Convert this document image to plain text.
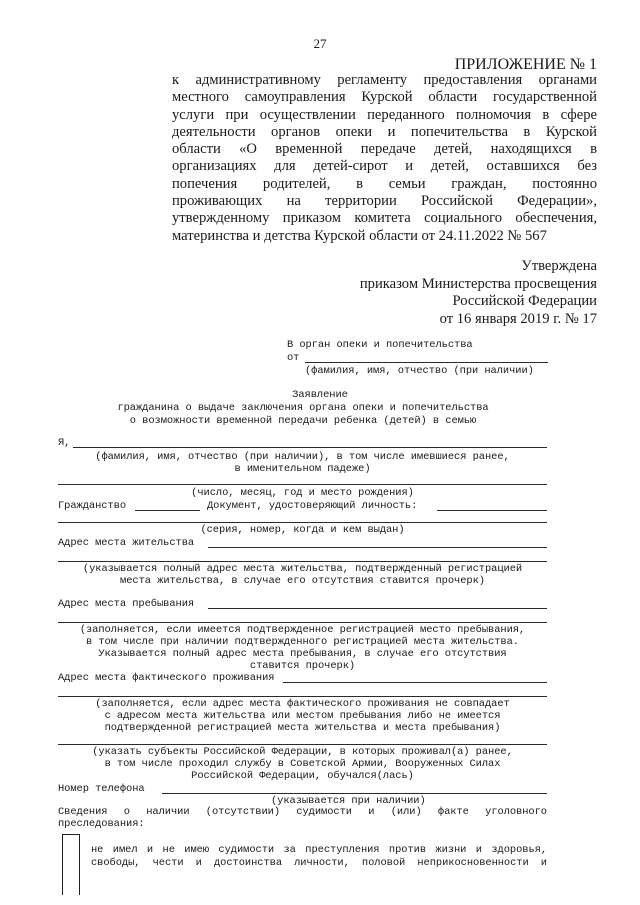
27
ПРИЛОЖЕНИЕ № 1
к административному регламенту предоставления органами
местного самоуправления Курской области государственной
услуги при осуществлении переданного полномочия в сфере
деятельности органов опеки и попечительства в Курской
области «О временной передаче детей, находящихся в
организациях для детей-сирот и детей, оставшихся без
попечения родителей, в семьи граждан, постоянно
проживающих на территории Российской Федерации»,
утвержденному приказом комитета социального обеспечения,
материнства и детства Курской области от 24.11.2022 № 567
Утверждена
приказом Министерства просвещения
Российской Федерации
от 16 января 2019 г. № 17
В орган опеки и попечительства
от
(фамилия, имя, отчество (при наличии)
Заявление
гражданина о выдаче заключения органа опеки и попечительства
о возможности временной передачи ребенка (детей) в семью
Я,
(фамилия, имя, отчество (при наличии), в том числе имевшиеся ранее,
в именительном падеже)
(число, месяц, год и место рождения)
Гражданство	Документ, удостоверяющий личность:
(серия, номер, когда и кем выдан)
Адрес места жительства
(указывается полный адрес места жительства, подтвержденный регистрацией
места жительства, в случае его отсутствия ставится прочерк)
Адрес места пребывания
(заполняется, если имеется подтвержденное регистрацией место пребывания,
в том числе при наличии подтвержденного регистрацией места жительства.
Указывается полный адрес места пребывания, в случае его отсутствия
ставится прочерк)
Адрес места фактического проживания
(заполняется, если адрес места фактического проживания не совпадает
с адресом места жительства или местом пребывания либо не имеется
подтвержденной регистрацией места жительства и места пребывания)
(указать субъекты Российской Федерации, в которых проживал(а) ранее,
в том числе проходил службу в Советской Армии, Вооруженных Силах
Российской Федерации, обучался(лась)
Номер телефона
(указывается при наличии)
Сведения о наличии (отсутствии) судимости и (или) факте уголовного
преследования:
не имел и не имею судимости за преступления против жизни и здоровья,
свободы, чести и достоинства личности, половой неприкосновенности и
